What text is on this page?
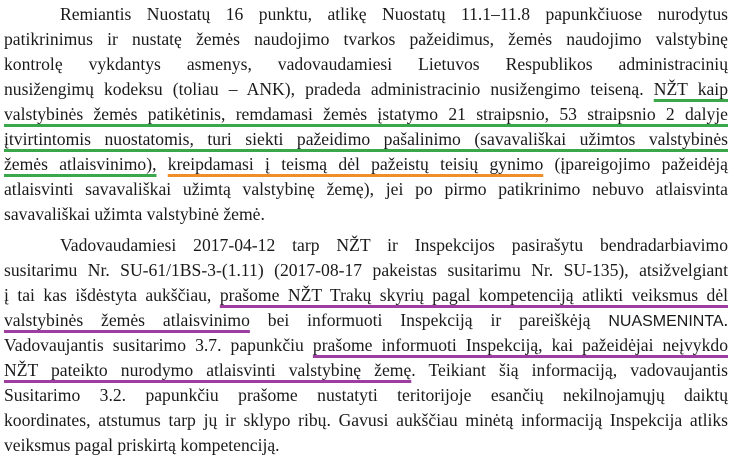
Remiantis Nuostatų 16 punktu, atlikę Nuostatų 11.1–11.8 papunkčiuose nurodytus
patikrinimus ir nustatę žemės naudojimo tvarkos pažeidimus, žemės naudojimo valstybinę
kontrolę vykdantys asmenys, vadovaudamiesi Lietuvos Respublikos administracinių
nusižengimų kodeksu (toliau – ANK), pradeda administracinio nusižengimo teiseną. NŽT kaip
valstybinės žemės patikėtinis, remdamasi žemės įstatymo 21 straipsnio, 53 straipsnio 2 dalyje
įtvirtintomis nuostatomis, turi siekti pažeidimo pašalinimo (savavališkai užimtos valstybinės
žemės atlaisvinimo), kreipdamasi į teismą dėl pažeistų teisių gynimo (įpareigojimo pažeidėją
atlaisvinti savavališkai užimtą valstybinę žemę), jei po pirmo patikrinimo nebuvo atlaisvinta
savavališkai užimta valstybinė žemė.
Vadovaudamiesi 2017-04-12 tarp NŽT ir Inspekcijos pasirašytu bendradarbiavimo
susitarimu Nr. SU-61/1BS-3-(1.11) (2017-08-17 pakeistas susitarimu Nr. SU-135), atsižvelgiant
į tai kas išdėstyta aukščiau, prašome NŽT Trakų skyrių pagal kompetenciją atlikti veiksmus dėl
valstybinės žemės atlaisvinimo bei informuoti Inspekciją ir pareiškėją NUASMENINTA.
Vadovaujantis susitarimo 3.7. papunkčiu prašome informuoti Inspekciją, kai pažeidėjai neįvykdo
NŽT pateikto nurodymo atlaisvinti valstybinę žemę. Teikiant šią informaciją, vadovaujantis
Susitarimo 3.2. papunkčiu prašome nustatyti teritorijoje esančių nekilnojamųjų daiktų
koordinates, atstumus tarp jų ir sklypo ribų. Gavusi aukščiau minėtą informaciją Inspekcija atliks
veiksmus pagal priskirtą kompetenciją.
